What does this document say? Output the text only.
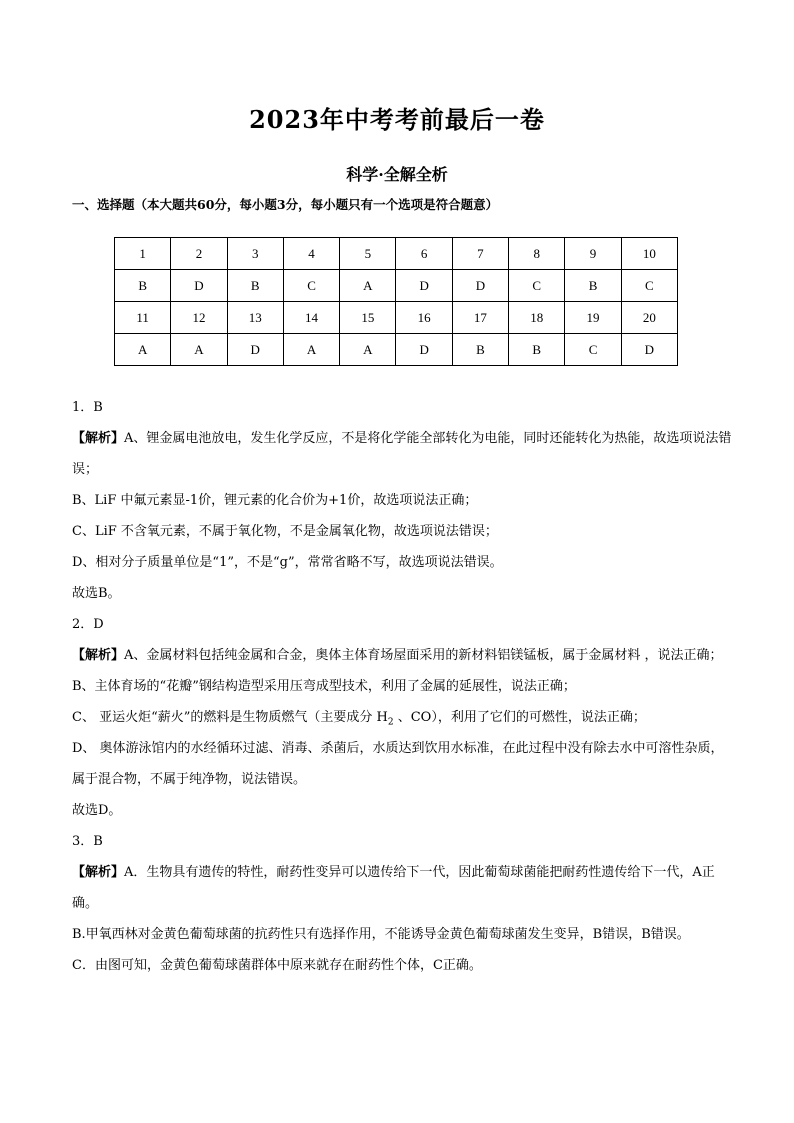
2023年中考考前最后一卷
科学·全解全析
一、选择题（本大题共60分，每小题3分，每小题只有一个选项是符合题意）
1	2	3	4	5	6	7	8	9	10
B	D	B	C	A	D	D	C	B	C
11	12	13	14	15	16	17	18	19	20
A	A	D	A	A	D	B	B	C	D
1．B
【解析】A、锂金属电池放电，发生化学反应，不是将化学能全部转化为电能，同时还能转化为热能，故选项说法错误；
B、LiF 中氟元素显-1价，锂元素的化合价为+1价，故选项说法正确；
C、LiF 不含氧元素，不属于氧化物，不是金属氧化物，故选项说法错误；
D、相对分子质量单位是“1”，不是“g”，常常省略不写，故选项说法错误。
故选B。
2．D
【解析】A、金属材料包括纯金属和合金，奥体主体育场屋面采用的新材料铝镁锰板，属于金属材料 ，说法正确；
B、主体育场的“花瓣”钢结构造型采用压弯成型技术，利用了金属的延展性，说法正确；
C、 亚运火炬“薪火”的燃料是生物质燃气（主要成分 $H_2$ 、CO），利用了它们的可燃性，说法正确；
D、 奥体游泳馆内的水经循环过滤、消毒、杀菌后，水质达到饮用水标准，在此过程中没有除去水中可溶性杂质，属于混合物，不属于纯净物，说法错误。
故选D。
3．B
【解析】A．生物具有遗传的特性，耐药性变异可以遗传给下一代，因此葡萄球菌能把耐药性遗传给下一代，A正确。
B.甲氧西林对金黄色葡萄球菌的抗药性只有选择作用，不能诱导金黄色葡萄球菌发生变异，B错误，B错误。
C．由图可知，金黄色葡萄球菌群体中原来就存在耐药性个体，C正确。
